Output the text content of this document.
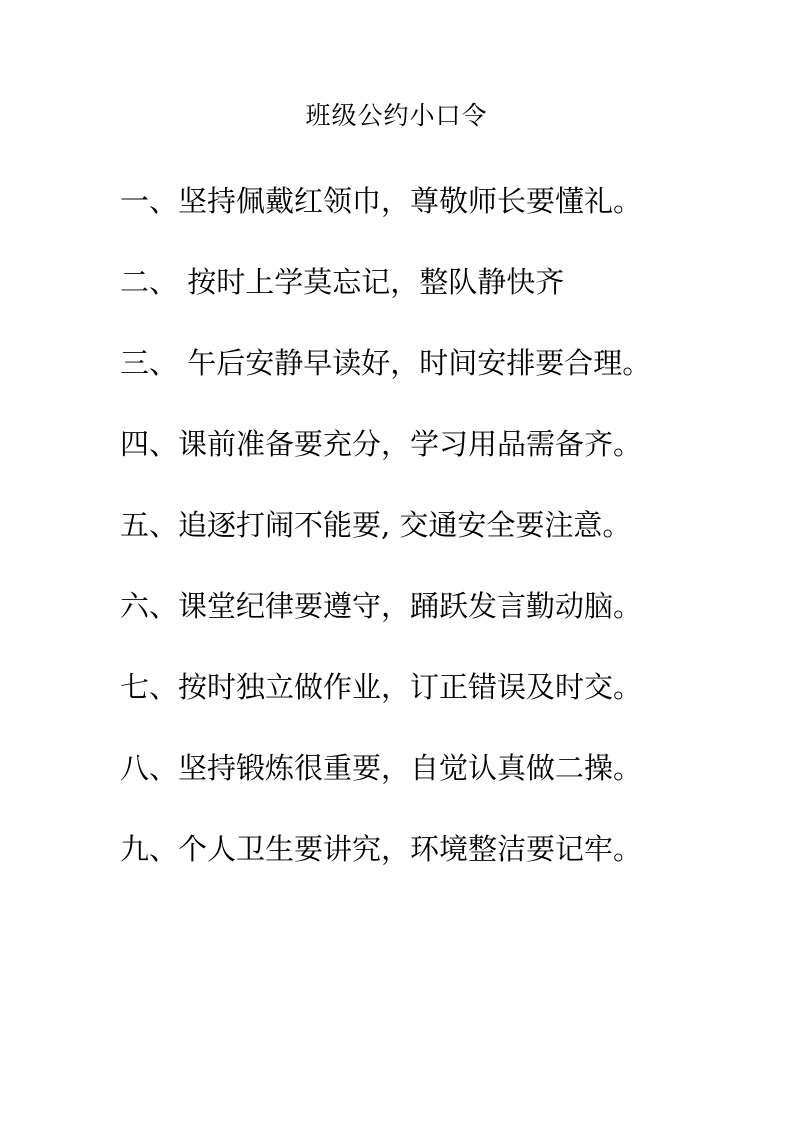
班级公约小口令
一、坚持佩戴红领巾，尊敬师长要懂礼。
二、 按时上学莫忘记，整队静快齐
三、 午后安静早读好，时间安排要合理。
四、课前准备要充分，学习用品需备齐。
五、追逐打闹不能要, 交通安全要注意。
六、课堂纪律要遵守，踊跃发言勤动脑。
七、按时独立做作业，订正错误及时交。
八、坚持锻炼很重要，自觉认真做二操。
九、个人卫生要讲究，环境整洁要记牢。
